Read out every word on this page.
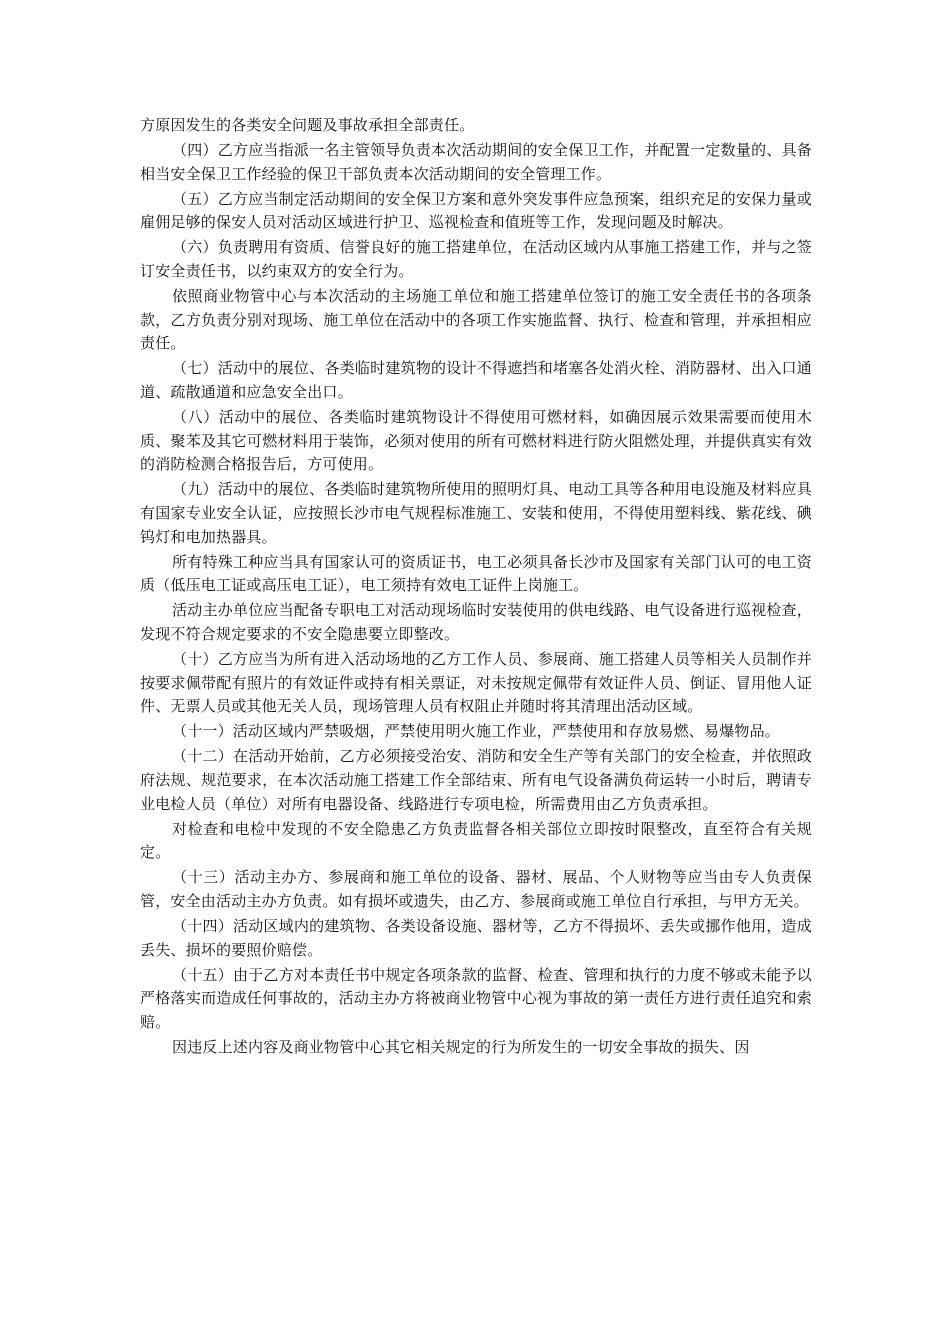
方原因发生的各类安全问题及事故承担全部责任。

（四）乙方应当指派一名主管领导负责本次活动期间的安全保卫工作，并配置一定数量的、具备相当安全保卫工作经验的保卫干部负责本次活动期间的安全管理工作。

（五）乙方应当制定活动期间的安全保卫方案和意外突发事件应急预案，组织充足的安保力量或雇佣足够的保安人员对活动区域进行护卫、巡视检查和值班等工作，发现问题及时解决。

（六）负责聘用有资质、信誉良好的施工搭建单位，在活动区域内从事施工搭建工作，并与之签订安全责任书，以约束双方的安全行为。

依照商业物管中心与本次活动的主场施工单位和施工搭建单位签订的施工安全责任书的各项条款，乙方负责分别对现场、施工单位在活动中的各项工作实施监督、执行、检查和管理，并承担相应责任。

（七）活动中的展位、各类临时建筑物的设计不得遮挡和堵塞各处消火栓、消防器材、出入口通道、疏散通道和应急安全出口。

（八）活动中的展位、各类临时建筑物设计不得使用可燃材料，如确因展示效果需要而使用木质、聚苯及其它可燃材料用于装饰，必须对使用的所有可燃材料进行防火阻燃处理，并提供真实有效的消防检测合格报告后，方可使用。

（九）活动中的展位、各类临时建筑物所使用的照明灯具、电动工具等各种用电设施及材料应具有国家专业安全认证，应按照长沙市电气规程标准施工、安装和使用，不得使用塑料线、紫花线、碘钨灯和电加热器具。

所有特殊工种应当具有国家认可的资质证书，电工必须具备长沙市及国家有关部门认可的电工资质（低压电工证或高压电工证），电工须持有效电工证件上岗施工。

活动主办单位应当配备专职电工对活动现场临时安装使用的供电线路、电气设备进行巡视检查，发现不符合规定要求的不安全隐患要立即整改。

（十）乙方应当为所有进入活动场地的乙方工作人员、参展商、施工搭建人员等相关人员制作并按要求佩带配有照片的有效证件或持有相关票证，对未按规定佩带有效证件人员、倒证、冒用他人证件、无票人员或其他无关人员，现场管理人员有权阻止并随时将其清理出活动区域。

（十一）活动区域内严禁吸烟，严禁使用明火施工作业，严禁使用和存放易燃、易爆物品。

（十二）在活动开始前，乙方必须接受治安、消防和安全生产等有关部门的安全检查，并依照政府法规、规范要求，在本次活动施工搭建工作全部结束、所有电气设备满负荷运转一小时后，聘请专业电检人员（单位）对所有电器设备、线路进行专项电检，所需费用由乙方负责承担。

对检查和电检中发现的不安全隐患乙方负责监督各相关部位立即按时限整改，直至符合有关规定。

（十三）活动主办方、参展商和施工单位的设备、器材、展品、个人财物等应当由专人负责保管，安全由活动主办方负责。如有损坏或遗失，由乙方、参展商或施工单位自行承担，与甲方无关。

（十四）活动区域内的建筑物、各类设备设施、器材等，乙方不得损坏、丢失或挪作他用，造成丢失、损坏的要照价赔偿。

（十五）由于乙方对本责任书中规定各项条款的监督、检查、管理和执行的力度不够或未能予以严格落实而造成任何事故的，活动主办方将被商业物管中心视为事故的第一责任方进行责任追究和索赔。

因违反上述内容及商业物管中心其它相关规定的行为所发生的一切安全事故的损失、因
